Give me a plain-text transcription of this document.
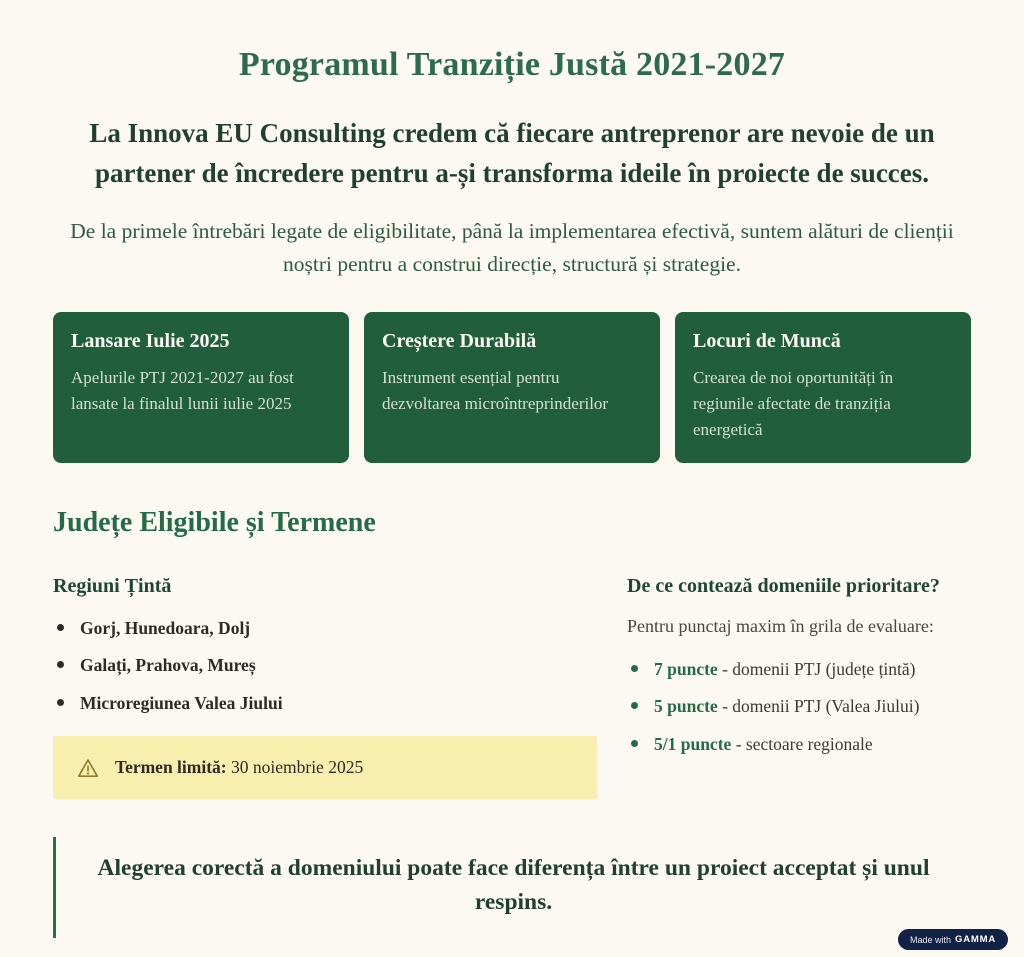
Programul Tranziție Justă 2021-2027

La Innova EU Consulting credem că fiecare antreprenor are nevoie de un partener de încredere pentru a-și transforma ideile în proiecte de succes.

De la primele întrebări legate de eligibilitate, până la implementarea efectivă, suntem alături de clienții noștri pentru a construi direcție, structură și strategie.

Lansare Iulie 2025
Apelurile PTJ 2021-2027 au fost lansate la finalul lunii iulie 2025
Creștere Durabilă
Instrument esențial pentru dezvoltarea microîntreprinderilor
Locuri de Muncă
Crearea de noi oportunități în regiunile afectate de tranziția energetică
Județe Eligibile și Termene
Regiuni Țintă
Gorj, Hunedoara, Dolj
Galați, Prahova, Mureș
Microregiunea Valea Jiului
Termen limită: 30 noiembrie 2025
De ce contează domeniile prioritare?

Pentru punctaj maxim în grila de evaluare:

7 puncte - domenii PTJ (județe țintă)
5 puncte - domenii PTJ (Valea Jiului)
5/1 puncte - sectoare regionale

Alegerea corectă a domeniului poate face diferența între un proiect acceptat și unul respins.

Made with GAMMA
